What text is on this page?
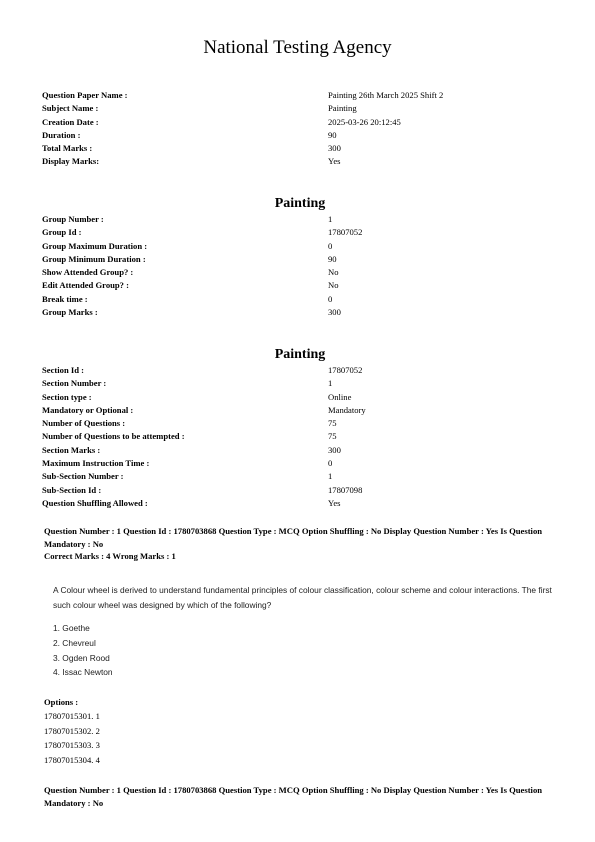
National Testing Agency
Question Paper Name :	Painting 26th March 2025 Shift 2
Subject Name :	Painting
Creation Date :	2025-03-26 20:12:45
Duration :	90
Total Marks :	300
Display Marks:	Yes
Painting
Group Number :	1
Group Id :	17807052
Group Maximum Duration :	0
Group Minimum Duration :	90
Show Attended Group? :	No
Edit Attended Group? :	No
Break time :	0
Group Marks :	300
Painting
Section Id :	17807052
Section Number :	1
Section type :	Online
Mandatory or Optional :	Mandatory
Number of Questions :	75
Number of Questions to be attempted :	75
Section Marks :	300
Maximum Instruction Time :	0
Sub-Section Number :	1
Sub-Section Id :	17807098
Question Shuffling Allowed :	Yes
Question Number : 1 Question Id : 1780703868 Question Type : MCQ Option Shuffling : No Display Question Number : Yes Is Question Mandatory : No
Correct Marks : 4 Wrong Marks : 1
A Colour wheel is derived to understand fundamental principles of colour classification, colour scheme and colour interactions. The first such colour wheel was designed by which of the following?
1. Goethe
2. Chevreul
3. Ogden Rood
4. Issac Newton
Options :
17807015301. 1
17807015302. 2
17807015303. 3
17807015304. 4
Question Number : 1 Question Id : 1780703868 Question Type : MCQ Option Shuffling : No Display Question Number : Yes Is Question Mandatory : No
